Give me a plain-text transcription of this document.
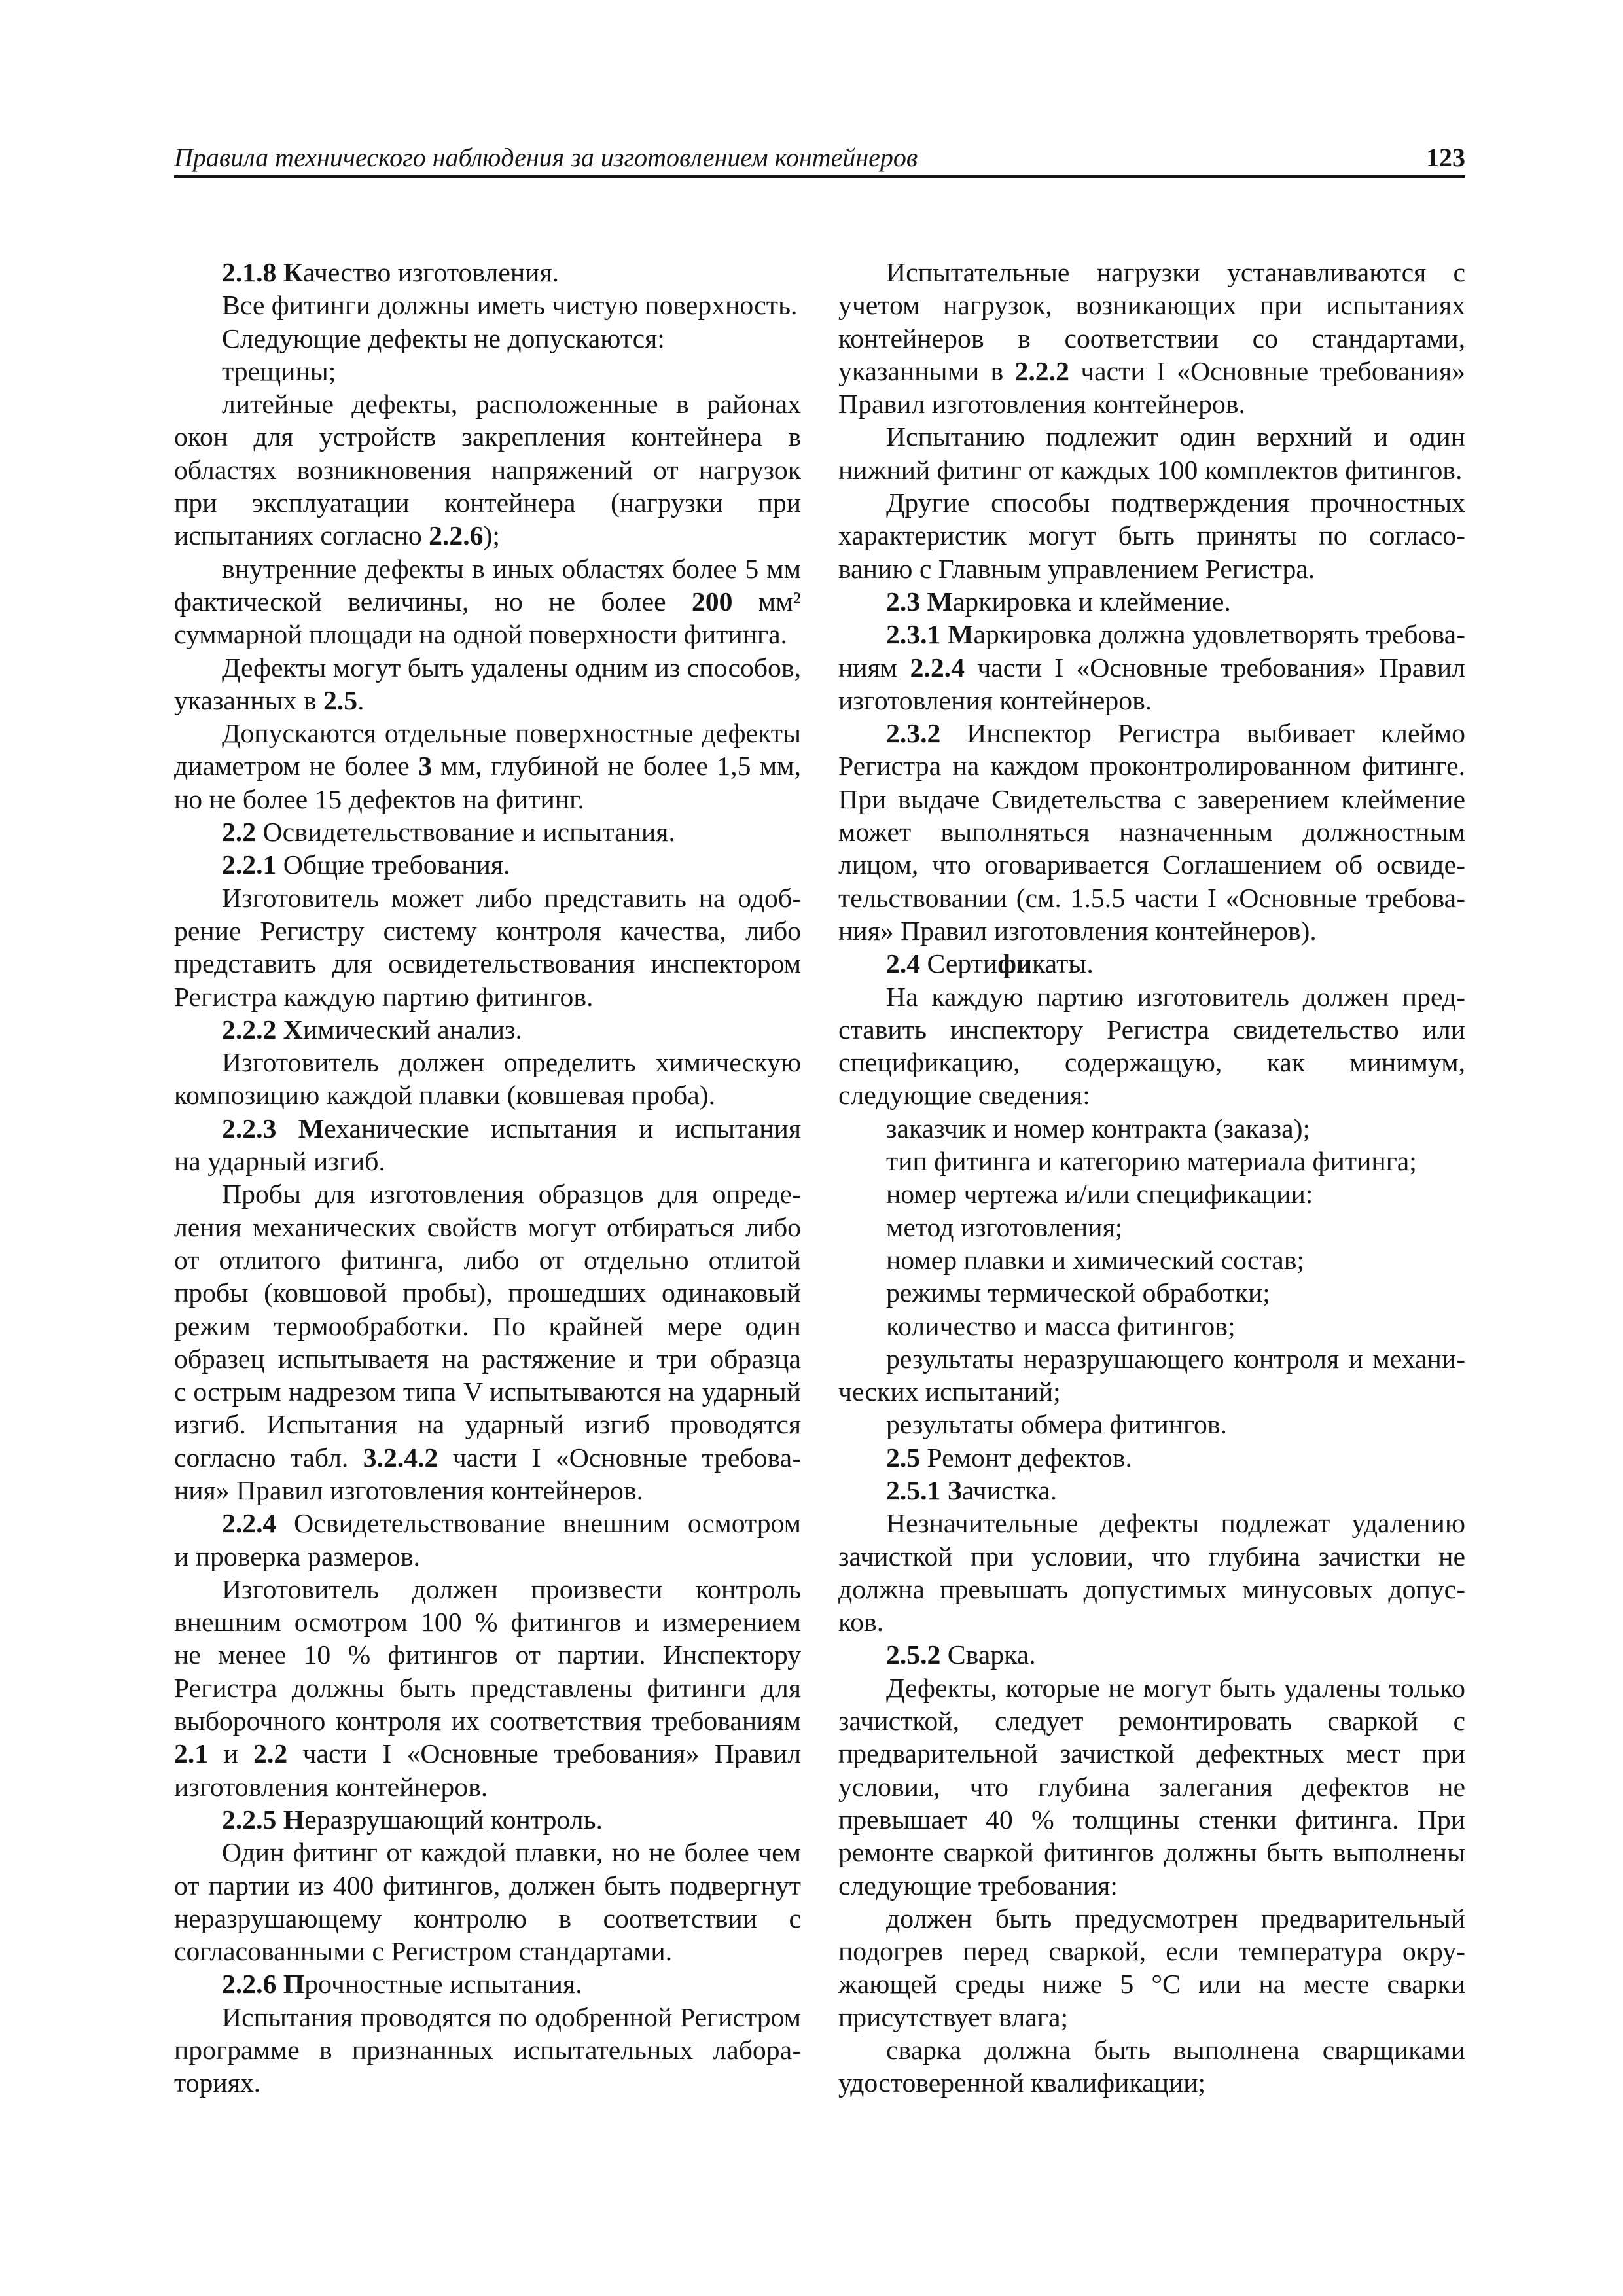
Правила технического наблюдения за изготовлением контейнеров	123
2.1.8 Качество изготовления.
Все фитинги должны иметь чистую поверхность.
Следующие дефекты не допускаются:
трещины;
литейные дефекты, расположенные в районах
окон для устройств закрепления контейнера в
областях возникновения напряжений от нагрузок
при эксплуатации контейнера (нагрузки при
испытаниях согласно 2.2.6);
внутренние дефекты в иных областях более 5 мм
фактической величины, но не более 200 мм²
суммарной площади на одной поверхности фитинга.
Дефекты могут быть удалены одним из способов,
указанных в 2.5.
Допускаются отдельные поверхностные дефекты
диаметром не более 3 мм, глубиной не более 1,5 мм,
но не более 15 дефектов на фитинг.
2.2 Освидетельствование и испытания.
2.2.1 Общие требования.
Изготовитель может либо представить на одоб-
рение Регистру систему контроля качества, либо
представить для освидетельствования инспектором
Регистра каждую партию фитингов.
2.2.2 Химический анализ.
Изготовитель должен определить химическую
композицию каждой плавки (ковшевая проба).
2.2.3 Механические испытания и испытания
на ударный изгиб.
Пробы для изготовления образцов для опреде-
ления механических свойств могут отбираться либо
от отлитого фитинга, либо от отдельно отлитой
пробы (ковшовой пробы), прошедших одинаковый
режим термообработки. По крайней мере один
образец испытываетя на растяжение и три образца
с острым надрезом типа V испытываются на ударный
изгиб. Испытания на ударный изгиб проводятся
согласно табл. 3.2.4.2 части I «Основные требова-
ния» Правил изготовления контейнеров.
2.2.4 Освидетельствование внешним осмотром
и проверка размеров.
Изготовитель должен произвести контроль
внешним осмотром 100 % фитингов и измерением
не менее 10 % фитингов от партии. Инспектору
Регистра должны быть представлены фитинги для
выборочного контроля их соответствия требованиям
2.1 и 2.2 части I «Основные требования» Правил
изготовления контейнеров.
2.2.5 Неразрушающий контроль.
Один фитинг от каждой плавки, но не более чем
от партии из 400 фитингов, должен быть подвергнут
неразрушающему контролю в соответствии с
согласованными с Регистром стандартами.
2.2.6 Прочностные испытания.
Испытания проводятся по одобренной Регистром
программе в признанных испытательных лабора-
ториях.
Испытательные нагрузки устанавливаются с
учетом нагрузок, возникающих при испытаниях
контейнеров в соответствии со стандартами,
указанными в 2.2.2 части I «Основные требования»
Правил изготовления контейнеров.
Испытанию подлежит один верхний и один
нижний фитинг от каждых 100 комплектов фитингов.
Другие способы подтверждения прочностных
характеристик могут быть приняты по согласо-
ванию с Главным управлением Регистра.
2.3 Маркировка и клеймение.
2.3.1 Маркировка должна удовлетворять требова-
ниям 2.2.4 части I «Основные требования» Правил
изготовления контейнеров.
2.3.2 Инспектор Регистра выбивает клеймо
Регистра на каждом проконтролированном фитинге.
При выдаче Свидетельства с заверением клеймение
может выполняться назначенным должностным
лицом, что оговаривается Соглашением об освиде-
тельствовании (см. 1.5.5 части I «Основные требова-
ния» Правил изготовления контейнеров).
2.4 Сертификаты.
На каждую партию изготовитель должен пред-
ставить инспектору Регистра свидетельство или
спецификацию, содержащую, как минимум,
следующие сведения:
заказчик и номер контракта (заказа);
тип фитинга и категорию материала фитинга;
номер чертежа и/или спецификации:
метод изготовления;
номер плавки и химический состав;
режимы термической обработки;
количество и масса фитингов;
результаты неразрушающего контроля и механи-
ческих испытаний;
результаты обмера фитингов.
2.5 Ремонт дефектов.
2.5.1 Зачистка.
Незначительные дефекты подлежат удалению
зачисткой при условии, что глубина зачистки не
должна превышать допустимых минусовых допус-
ков.
2.5.2 Сварка.
Дефекты, которые не могут быть удалены только
зачисткой, следует ремонтировать сваркой с
предварительной зачисткой дефектных мест при
условии, что глубина залегания дефектов не
превышает 40 % толщины стенки фитинга. При
ремонте сваркой фитингов должны быть выполнены
следующие требования:
должен быть предусмотрен предварительный
подогрев перед сваркой, если температура окру-
жающей среды ниже 5 °С или на месте сварки
присутствует влага;
сварка должна быть выполнена сварщиками
удостоверенной квалификации;
